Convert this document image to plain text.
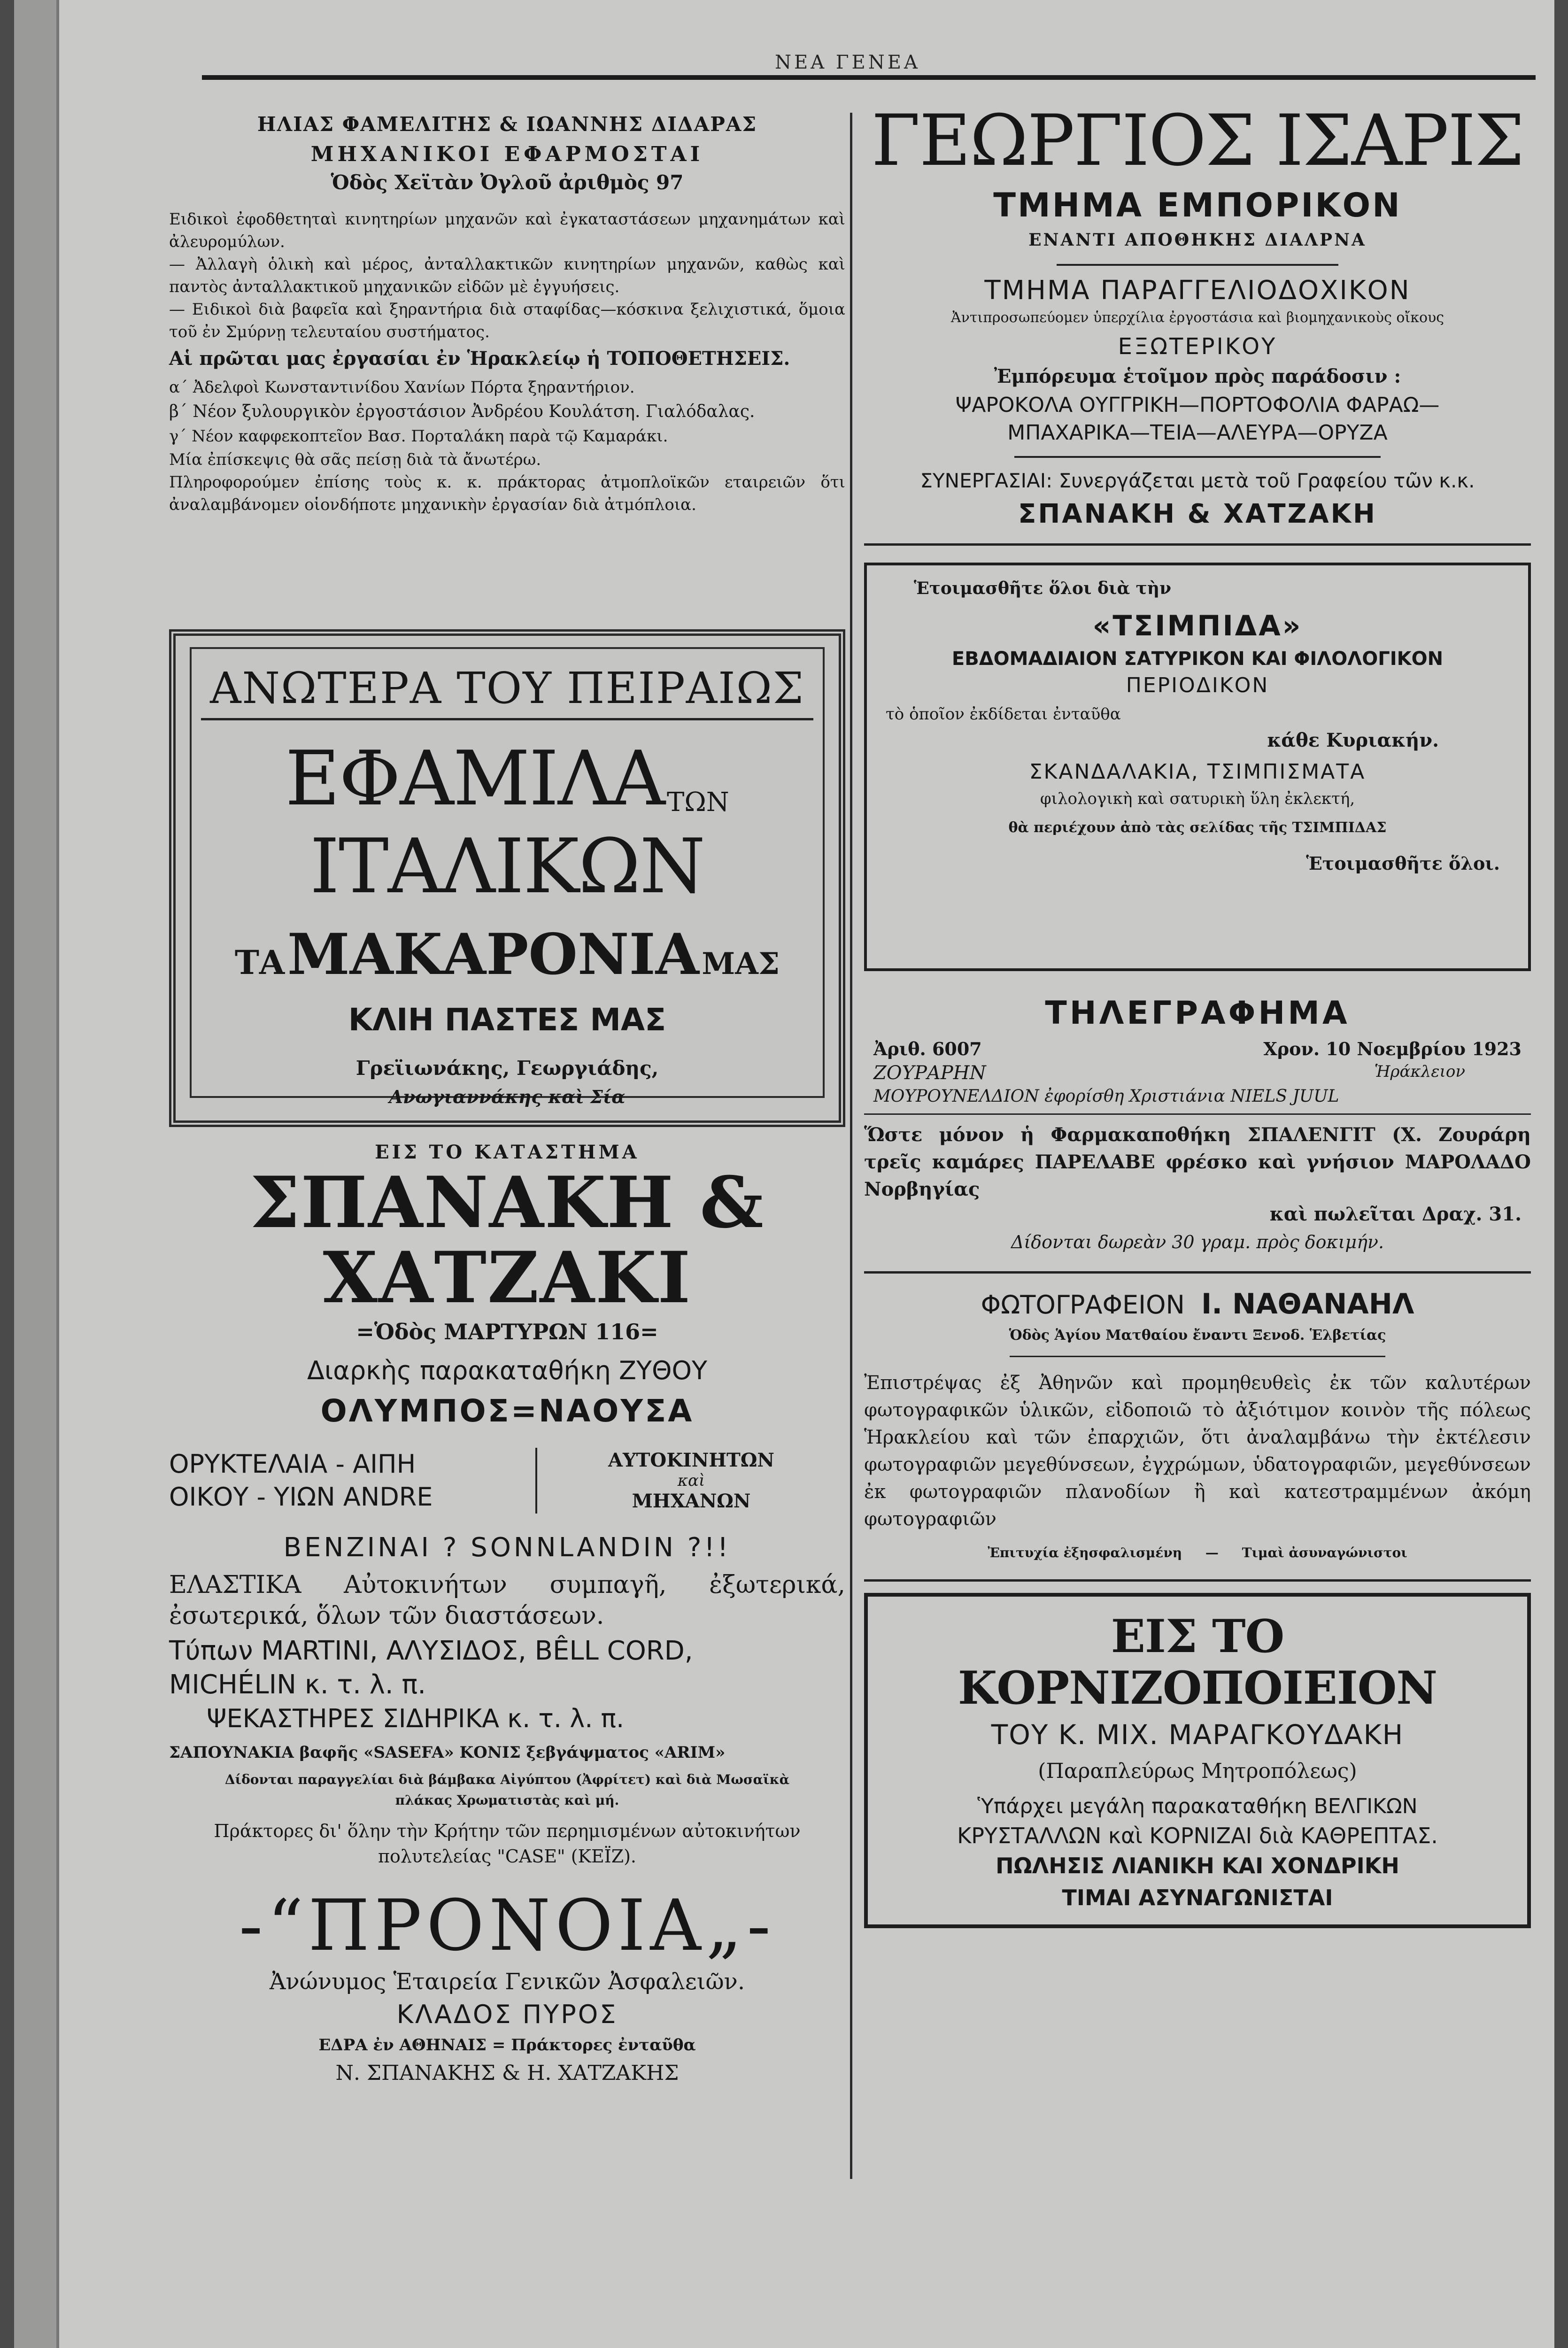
ΝΕΑ ΓΕΝΕΑ

ΗΛΙΑΣ ΦΑΜΕΛΙΤΗΣ & ΙΩΑΝΝΗΣ ΔΙΔΑΡΑΣ

ΜΗΧΑΝΙΚΟΙ ΕΦΑΡΜΟΣΤΑΙ

Ὁδὸς Χεϊτὰν Ὀγλοῦ ἀριθμὸς 97

Ειδικοὶ ἐφοδθετηταὶ κινητηρίων μηχανῶν καὶ ἐγκαταστάσεων μηχανημάτων καὶ ἀλευρομύλων.

— Ἀλλαγὴ ὁλικὴ καὶ μέρος, ἀνταλλακτικῶν κινητηρίων μηχανῶν, καθὼς καὶ παντὸς ἀνταλλακτικοῦ μηχανικῶν εἰδῶν μὲ ἐγγυήσεις.

— Ειδικοὶ διὰ βαφεῖα καὶ ξηραντήρια διὰ σταφίδας—κόσκινα ξελιχιστικά, ὅμοια τοῦ ἐν Σμύρνῃ τελευταίου συστήματος.

Αἱ πρῶται μας ἐργασίαι ἐν Ἡρακλείῳ ἡ ΤΟΠΟΘΕΤΗΣΕΙΣ.

α΄ Ἀδελφοὶ Κωνσταντινίδου Χανίων Πόρτα ξηραντήριον.

β΄ Νέον ξυλουργικὸν ἐργοστάσιον Ἀνδρέου Κουλάτση. Γιαλόδαλας.

γ΄ Νέον καφφεκοπτεῖον Βασ. Πορταλάκη παρὰ τῷ Καμαράκι.

Μία ἐπίσκεψις θὰ σᾶς πείσῃ διὰ τὰ ἄνωτέρω.

Πληροφορούμεν ἐπίσης τοὺς κ. κ. πράκτορας ἀτμοπλοϊκῶν εταιρειῶν ὅτι ἀναλαμβάνομεν οἱονδήποτε μηχανικὴν ἐργασίαν διὰ ἀτμόπλοια.

ΑΝΩΤΕΡΑ ΤΟΥ ΠΕΙΡΑΙΩΣ

ΕΦΑΜΙΛΑ ΤΩΝ ΙΤΑΛΙΚΩΝ

ΤΑ ΜΑΚΑΡΟΝΙΑ ΜΑΣ

ΚΛΙΗ ΠΑΣΤΕΣ ΜΑΣ

Γρεϊιωνάκης, Γεωργιάδης,

Ανωγιαννάκης καὶ Σία

ΕΙΣ ΤΟ ΚΑΤΑΣΤΗΜΑ

ΣΠΑΝΑΚΗ & ΧΑΤΖΑΚΙ

=Ὁδὸς ΜΑΡΤΥΡΩΝ 116=

Διαρκὴς παρακαταθήκη ΖΥΘΟΥ

ΟΛΥΜΠΟΣ=ΝΑΟΥΣΑ

ΟΡΥΚΤΕΛΑΙΑ - ΑΙΠΗ

ΟΙΚΟΥ - ΥΙΩΝ ANDRE

ΑΥΤΟΚΙΝΗΤΩΝ

καὶ

ΜΗΧΑΝΩΝ

BENZINAI ? SONNLANDIN ?!!

ΕΛΑΣΤΙΚΑ Αὐτοκινήτων συμπαγῆ, ἐξωτερικά, ἐσωτερικά, ὅλων τῶν διαστάσεων.

Τύπων MARTINI, ΑΛΥΣΙΔΟΣ, BÊLL CORD,

MICHÉLIN κ. τ. λ. π.

ΨΕΚΑΣΤΗΡΕΣ ΣΙΔΗΡΙΚΑ κ. τ. λ. π.

ΣΑΠΟΥΝΑΚΙΑ βαφῆς «SASEFA» ΚΟΝΙΣ ξεβγάψματος «ARIM»

Δίδονται παραγγελίαι διὰ βάμβακα Αἰγύπτου (Ἀφρίτετ) καὶ διὰ Μωσαϊκὰ πλάκας Χρωματιστὰς καὶ μή.

Πράκτορες δι' ὅλην τὴν Κρήτην τῶν περημισμένων αὐτοκινήτων πολυτελείας "CASE" (ΚΕΪΖ).

-“ΠΡΟΝΟΙΑ„-

Ἀνώνυμος Ἑταιρεία Γενικῶν Ἀσφαλειῶν.

ΚΛΑΔΟΣ ΠΥΡΟΣ

ΕΔΡΑ ἐν ΑΘΗΝΑΙΣ = Πράκτορες ἐνταῦθα

Ν. ΣΠΑΝΑΚΗΣ & Η. ΧΑΤΖΑΚΗΣ

ΓΕΩΡΓΙΟΣ ΙΣΑΡΙΣ

ΤΜΗΜΑ ΕΜΠΟΡΙΚΟΝ

ΕΝΑΝΤΙ ΑΠΟΘΗΚΗΣ ΔΙΑΛΡΝΑ

ΤΜΗΜΑ ΠΑΡΑΓΓΕΛΙΟΔΟΧΙΚΟΝ

Ἀντιπροσωπεύομεν ὑπερχίλια ἐργοστάσια καὶ βιομηχανικοὺς οἴκους

ΕΞΩΤΕΡΙΚΟΥ

Ἐμπόρευμα ἑτοῖμον πρὸς παράδοσιν :

ΨΑΡΟΚΟΛΑ ΟΥΓΓΡΙΚΗ—ΠΟΡΤΟΦΟΛΙΑ ΦΑΡΑΩ—

ΜΠΑΧΑΡΙΚΑ—ΤΕΙΑ—ΑΛΕΥΡΑ—ΟΡΥΖΑ

ΣΥΝΕΡΓΑΣΙΑΙ: Συνεργάζεται μετὰ τοῦ Γραφείου τῶν κ.κ.

ΣΠΑΝΑΚΗ & ΧΑΤΖΑΚΗ

Ἑτοιμασθῆτε ὅλοι διὰ τὴν

«ΤΣΙΜΠΙΔΑ»

ΕΒΔΟΜΑΔΙΑΙΟΝ ΣΑΤΥΡΙΚΟΝ ΚΑΙ ΦΙΛΟΛΟΓΙΚΟΝ

ΠΕΡΙΟΔΙΚΟΝ

τὸ ὁποῖον ἐκδίδεται ἐνταῦθα

κάθε Κυριακήν.

ΣΚΑΝΔΑΛΑΚΙΑ, ΤΣΙΜΠΙΣΜΑΤΑ

φιλολογικὴ καὶ σατυρικὴ ὕλη ἐκλεκτή,

θὰ περιέχουν ἀπὸ τὰς σελίδας τῆς ΤΣΙΜΠΙΔΑΣ

Ἑτοιμασθῆτε ὅλοι.

ΤΗΛΕΓΡΑΦΗΜΑ

Ἀριθ. 6007	Χρον. 10 Νοεμβρίου 1923
ΖΟΥΡΑΡΗΝ	Ἡράκλειον

ΜΟΥΡΟΥΝΕΛΔΙΟΝ ἐφορίσθη Χριστιάνια NIELS JUUL

Ὥστε μόνον ἡ Φαρμακαποθήκη ΣΠΑΛΕΝΓΙΤ (Χ. Ζουράρη τρεῖς καμάρες ΠΑΡΕΛΑΒΕ φρέσκο καὶ γνήσιον ΜΑΡΟΛΑΔΟ Νορβηγίας

καὶ πωλεῖται Δραχ. 31.

Δίδονται δωρεὰν 30 γραμ. πρὸς δοκιμήν.

ΦΩΤΟΓΡΑΦΕΙΟΝ Ι. ΝΑΘΑΝΑΗΛ

Ὁδὸς Ἁγίου Ματθαίου ἔναντι Ξενοδ. Ἑλβετίας

Ἐπιστρέψας ἐξ Ἀθηνῶν καὶ προμηθευθεὶς ἐκ τῶν καλυτέρων φωτογραφικῶν ὑλικῶν, εἰδοποιῶ τὸ ἀξιότιμον κοινὸν τῆς πόλεως Ἡρακλείου καὶ τῶν ἐπαρχιῶν, ὅτι ἀναλαμβάνω τὴν ἐκτέλεσιν φωτογραφιῶν μεγεθύνσεων, ἐγχρώμων, ὑδατογραφιῶν, μεγεθύνσεων ἐκ φωτογραφιῶν πλανοδίων ἢ καὶ κατεστραμμένων ἀκόμη φωτογραφιῶν

Ἐπιτυχία ἐξησφαλισμένη — Τιμαὶ ἀσυναγώνιστοι

ΕΙΣ ΤΟ ΚΟΡΝΙΖΟΠΟΙΕΙΟΝ

ΤΟΥ Κ. ΜΙΧ. ΜΑΡΑΓΚΟΥΔΑΚΗ

(Παραπλεύρως Μητροπόλεως)

Ὑπάρχει μεγάλη παρακαταθήκη ΒΕΛΓΙΚΩΝ

ΚΡΥΣΤΑΛΛΩΝ καὶ ΚΟΡΝΙΖΑΙ διὰ ΚΑΘΡΕΠΤΑΣ.

ΠΩΛΗΣΙΣ ΛΙΑΝΙΚΗ ΚΑΙ ΧΟΝΔΡΙΚΗ

ΤΙΜΑΙ ΑΣΥΝΑΓΩΝΙΣΤΑΙ
